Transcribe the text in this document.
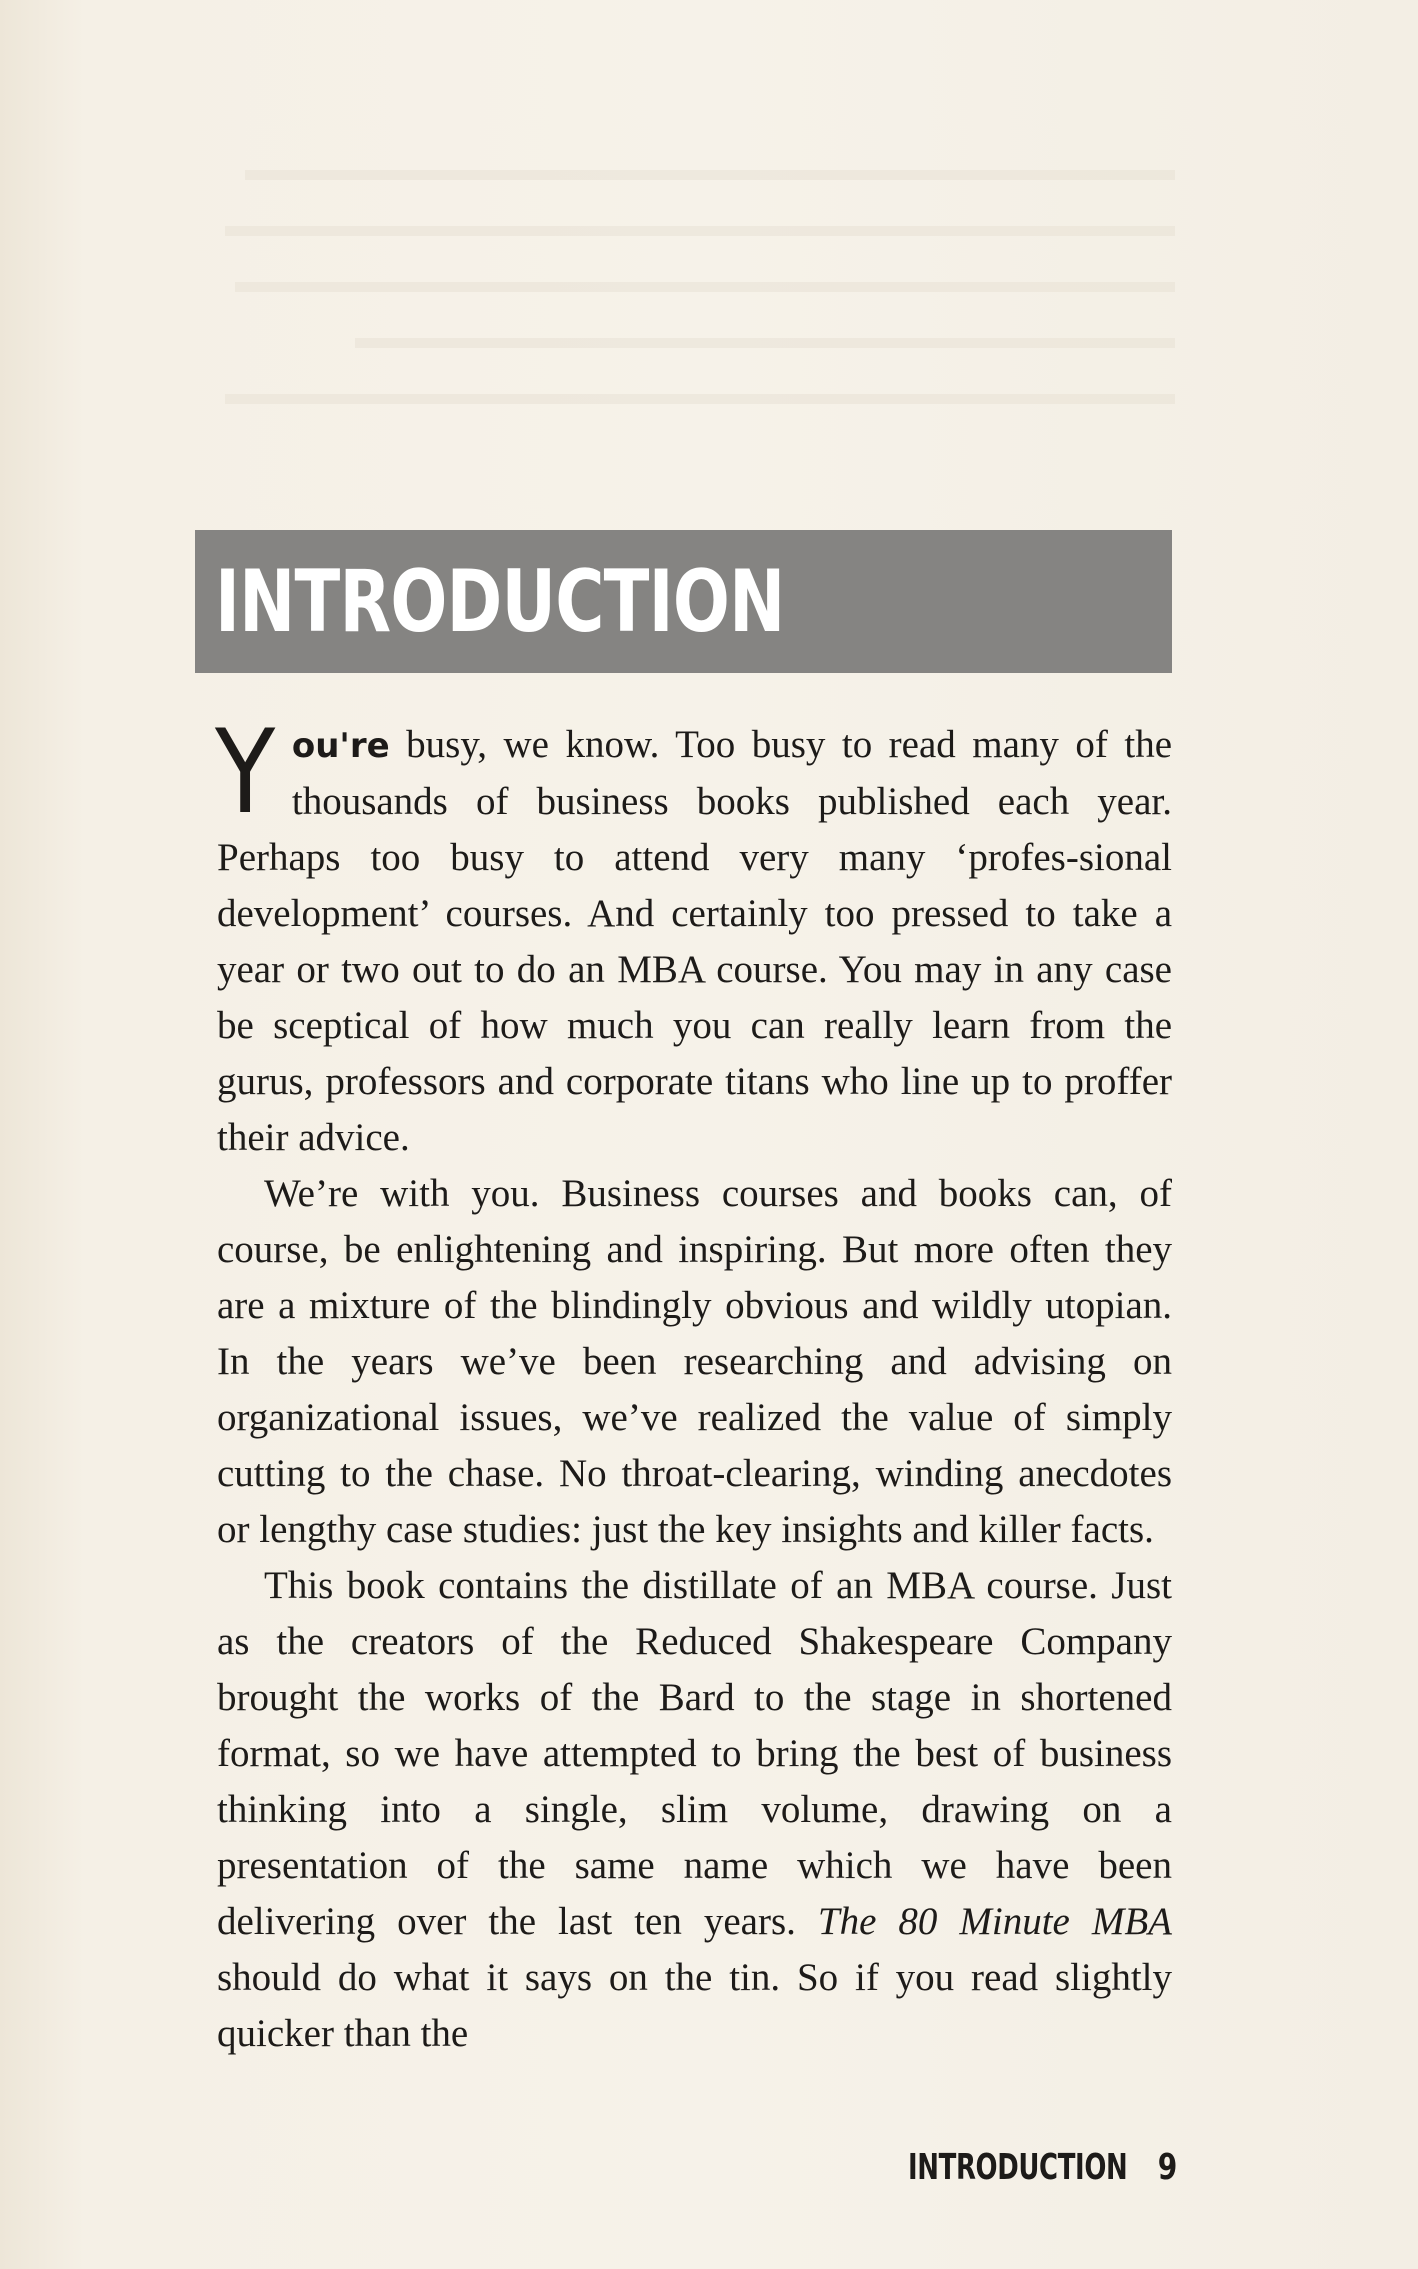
INTRODUCTION

You're busy, we know. Too busy to read many of the thousands of business books published each year. Perhaps too busy to attend very many ‘profes-sional development’ courses. And certainly too pressed to take a year or two out to do an MBA course. You may in any case be sceptical of how much you can really learn from the gurus, professors and corporate titans who line up to proffer their advice.

We’re with you. Business courses and books can, of course, be enlightening and inspiring. But more often they are a mixture of the blindingly obvious and wildly utopian. In the years we’ve been researching and advising on organizational issues, we’ve realized the value of simply cutting to the chase. No throat-clearing, winding anecdotes or lengthy case studies: just the key insights and killer facts.

This book contains the distillate of an MBA course. Just as the creators of the Reduced Shakespeare Company brought the works of the Bard to the stage in shortened format, so we have attempted to bring the best of business thinking into a single, slim volume, drawing on a presentation of the same name which we have been delivering over the last ten years. The 80 Minute MBA should do what it says on the tin. So if you read slightly quicker than the

INTRODUCTION 9
